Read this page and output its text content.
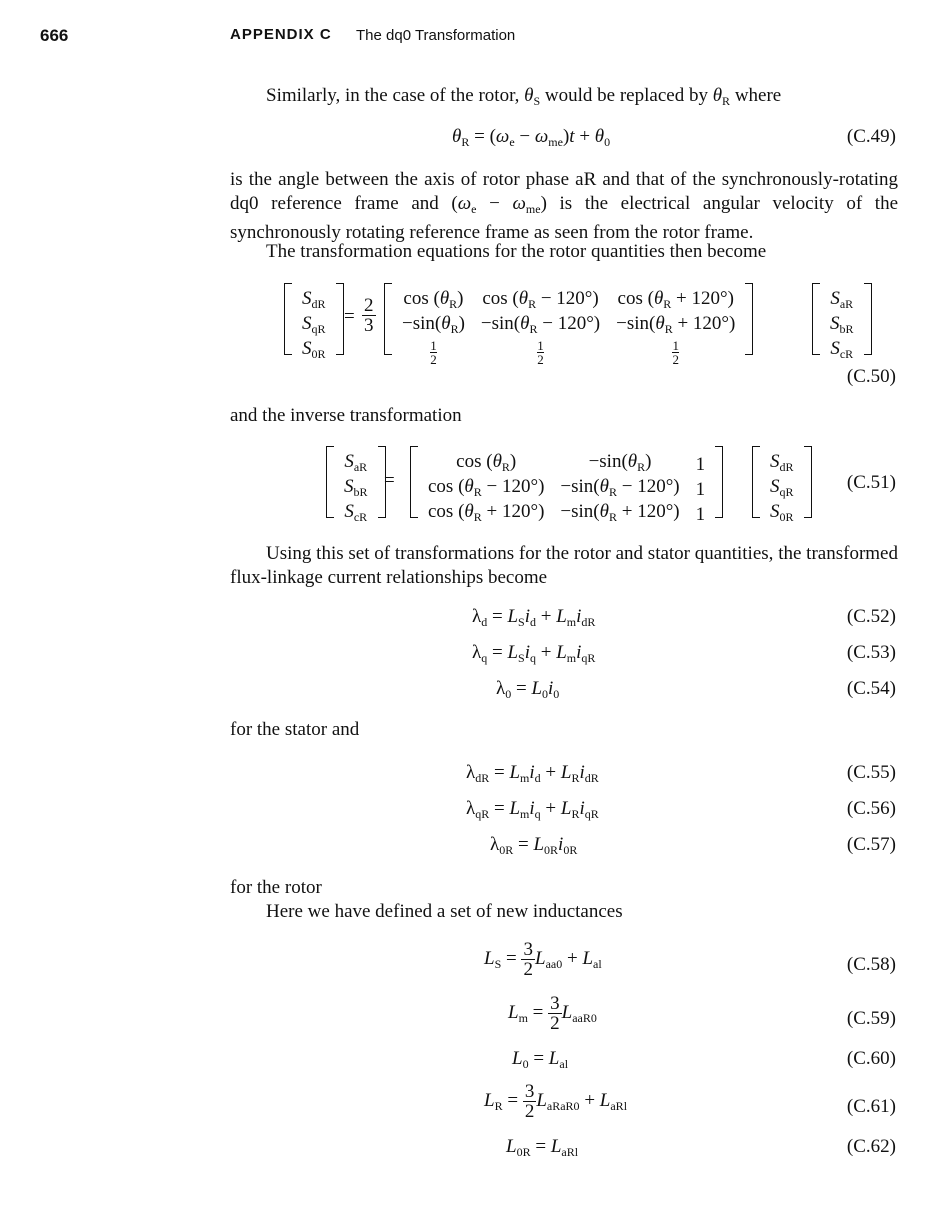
666	APPENDIX C The dq0 Transformation
Similarly, in the case of the rotor, $\theta_S$ would be replaced by $\theta_R$ where
$\theta_R = (\omega_e - \omega_{me})t + \theta_0$	(C.49)
is the angle between the axis of rotor phase aR and that of the synchronously-rotating dq0 reference frame and $(\omega_e - \omega_{me})$ is the electrical angular velocity of the synchronously rotating reference frame as seen from the rotor frame.
The transformation equations for the rotor quantities then become
$S_{dR}$
$S_{qR}$
$S_{0R}$
= $\frac{2}{3}$ $\cos (\theta_R)$	$\cos (\theta_R - 120^\circ)$	$\cos (\theta_R + 120^\circ)$
$-\sin(\theta_R)$	$-\sin(\theta_R - 120^\circ)$	$-\sin(\theta_R + 120^\circ)$

$\frac{1}{2}$	$\frac{1}{2}$	$\frac{1}{2}$
$S_{aR}$
$S_{bR}$
$S_{cR}$
(C.50)
and the inverse transformation
$S_{aR}$
$S_{bR}$
$S_{cR}$
=
$\cos (\theta_R)$	$-\sin(\theta_R)$	1
$\cos (\theta_R - 120^\circ)$	$-\sin(\theta_R - 120^\circ)$	1
$\cos (\theta_R + 120^\circ)$	$-\sin(\theta_R + 120^\circ)$	1
$S_{dR}$
$S_{qR}$
$S_{0R}$
(C.51)
Using this set of transformations for the rotor and stator quantities, the transformed flux-linkage current relationships become
$\lambda_d = L_Si_d + L_mi_{dR}$	(C.52)
$\lambda_q = L_Si_q + L_mi_{qR}$	(C.53)
$\lambda_0 = L_0i_0$	(C.54)
for the stator and
$\lambda_{dR} = L_mi_d + L_Ri_{dR}$	(C.55)
$\lambda_{qR} = L_mi_q + L_Ri_{qR}$	(C.56)
$\lambda_{0R} = L_{0R}i_{0R}$	(C.57)
for the rotor
Here we have defined a set of new inductances
$L_S = \frac{3}{2} L_{aa0} + L_{al}$	(C.58)
$L_m = \frac{3}{2} L_{aaR0}$	(C.59)
$L_0 = L_{al}$	(C.60)
$L_R = \frac{3}{2} L_{aRaR0} + L_{aRl}$	(C.61)
$L_{0R} = L_{aRl}$	(C.62)
